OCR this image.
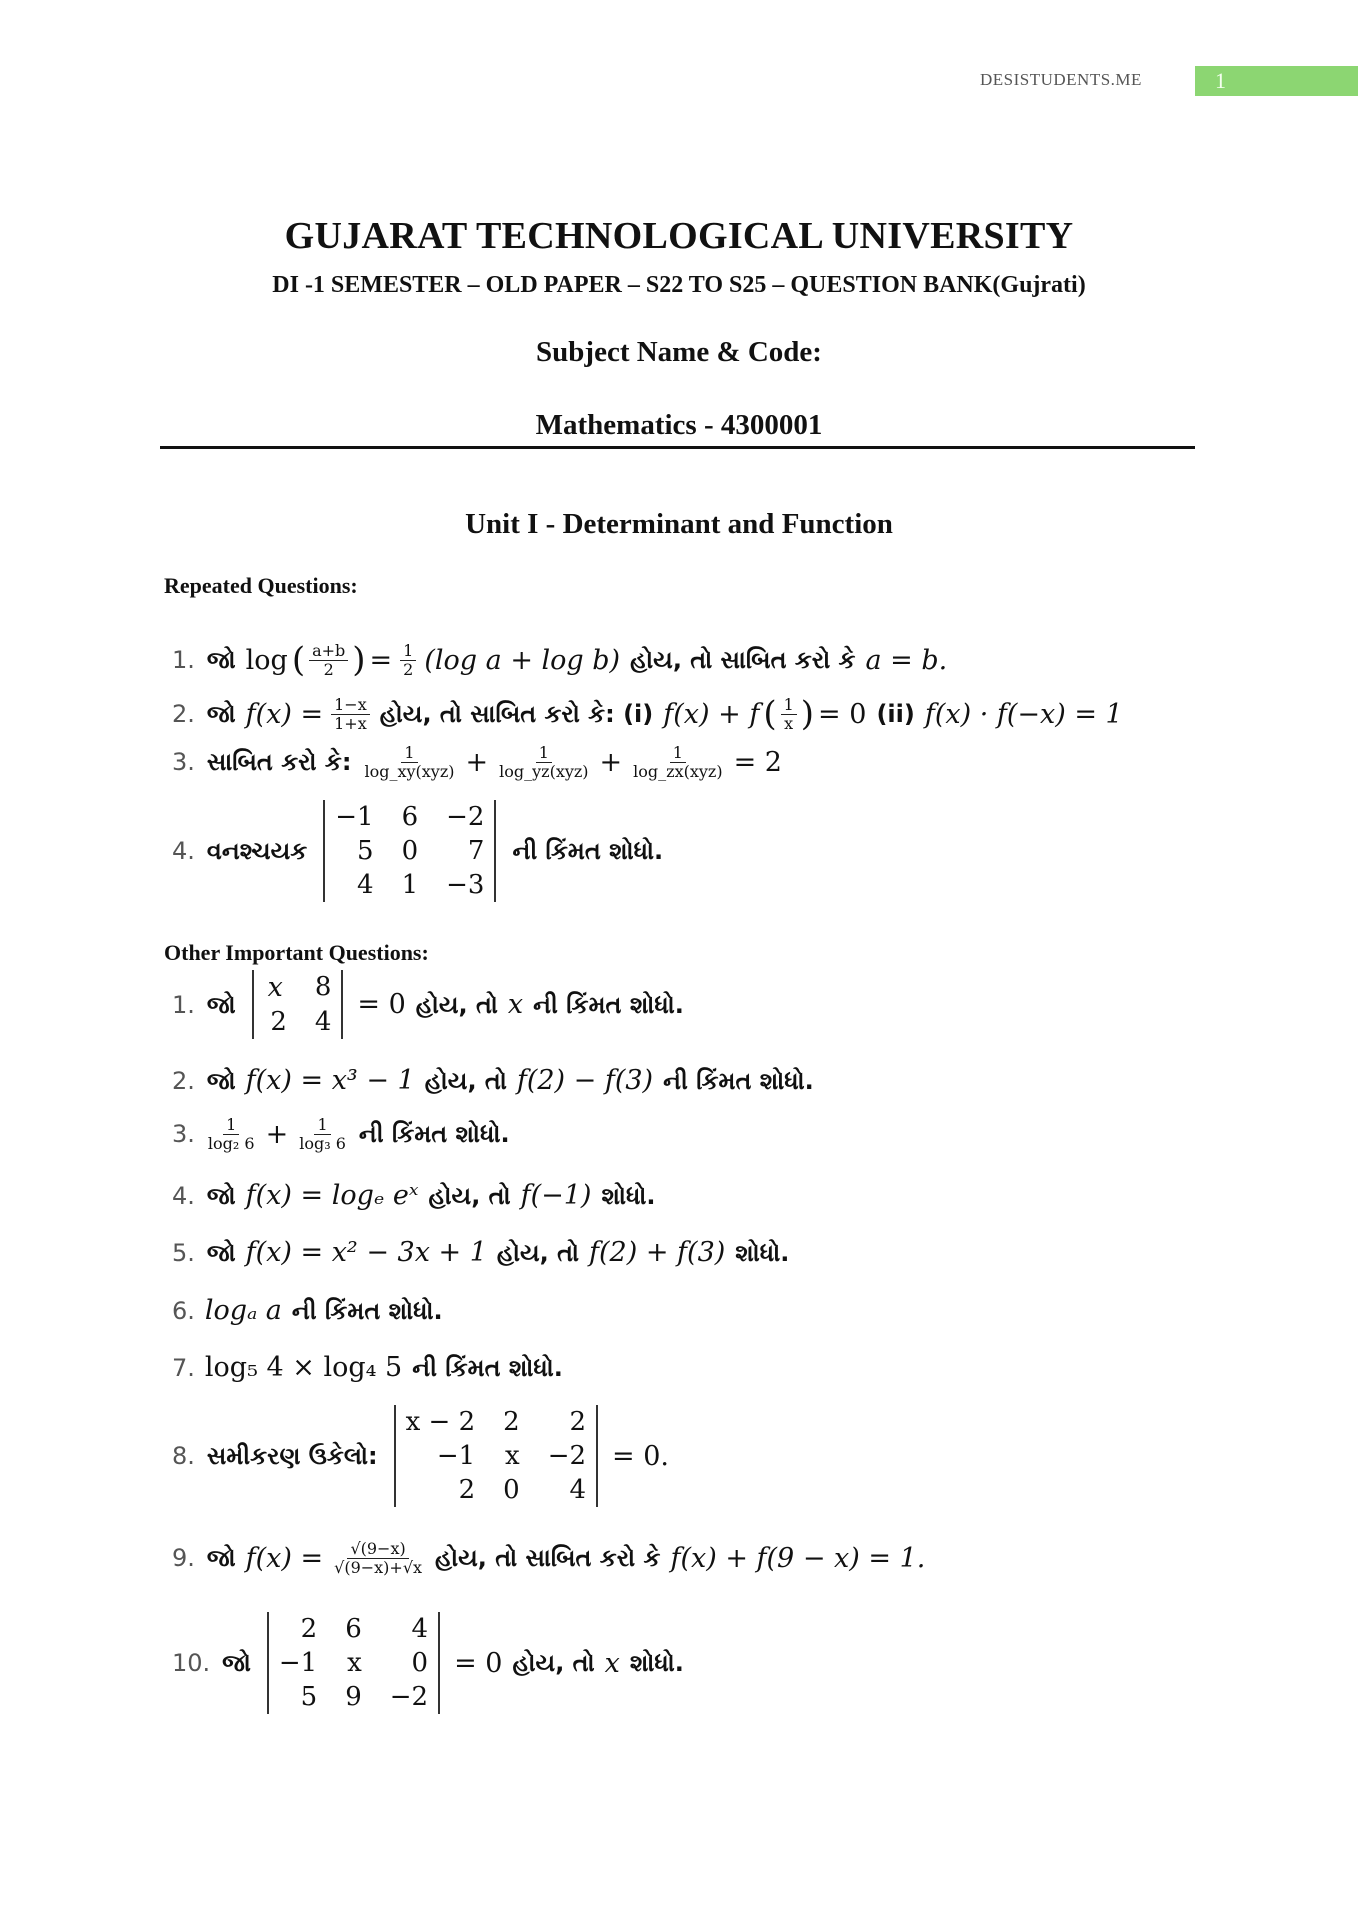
DESISTUDENTS.ME	1
GUJARAT TECHNOLOGICAL UNIVERSITY
DI -1 SEMESTER – OLD PAPER – S22 TO S25 – QUESTION BANK(Gujrati)
Subject Name & Code:
Mathematics - 4300001
Unit I - Determinant and Function
Repeated Questions:
1. જો log ( $\frac{a+b}{2}$ ) = $\frac{1}{2} (\log$ a + log b) હોય, તો સાબિત કરો કે a = b.
2. જો $f(x) = \frac{1-x}{1+x}$ હોય, તો સાબિત કરો કે: (i) f(x) + f ( $\frac{1}{x}$ ) = 0 (ii) f(x) · f(−x) = 1
3. સાબિત કરો કે: $\frac{1}{\text{log\_xy(xyz)}} + \frac{1}{\text{log\_yz(xyz)}} + \frac{1}{\text{log\_zx(xyz)}} = 2$
4. વનશ્ચયક
−1 6 −2
5 0	7
4 1 −3
ની કિંમત શોધો.
Other Important Questions:
1. જો
x 8
2 4
= 0 હોય, તો x ની કિંમત શોધો.
2. જો f(x) = x³ − 1 હોય, તો f(2) − f(3) ની કિંમત શોધો.
3. $\frac{1}{\text{log₂ 6}} + \frac{1}{\text{log₃ 6}}$ ની કિંમત શોધો.
4. જો f(x) = logₑ eˣ હોય, તો f(−1) શોધો.
5. જો f(x) = x² − 3x + 1 હોય, તો f(2) + f(3) શોધો.
6. logₐ a ની કિંમત શોધો.
7. log₅ 4 × log₄ 5 ની કિંમત શોધો.
8. સમીકરણ ઉકેલો:
x − 2 2	2
−1 x −2
2 0	4
= 0.
9. જો $f(x) = \frac{√(9-x)}{√(9-x)+√x}$ હોય, તો સાબિત કરો કે f(x) + f(9 − x) = 1.
10. જો
2 6	4
−1 x	0
5 9 −2
= 0 હોય, તો x શોધો.
